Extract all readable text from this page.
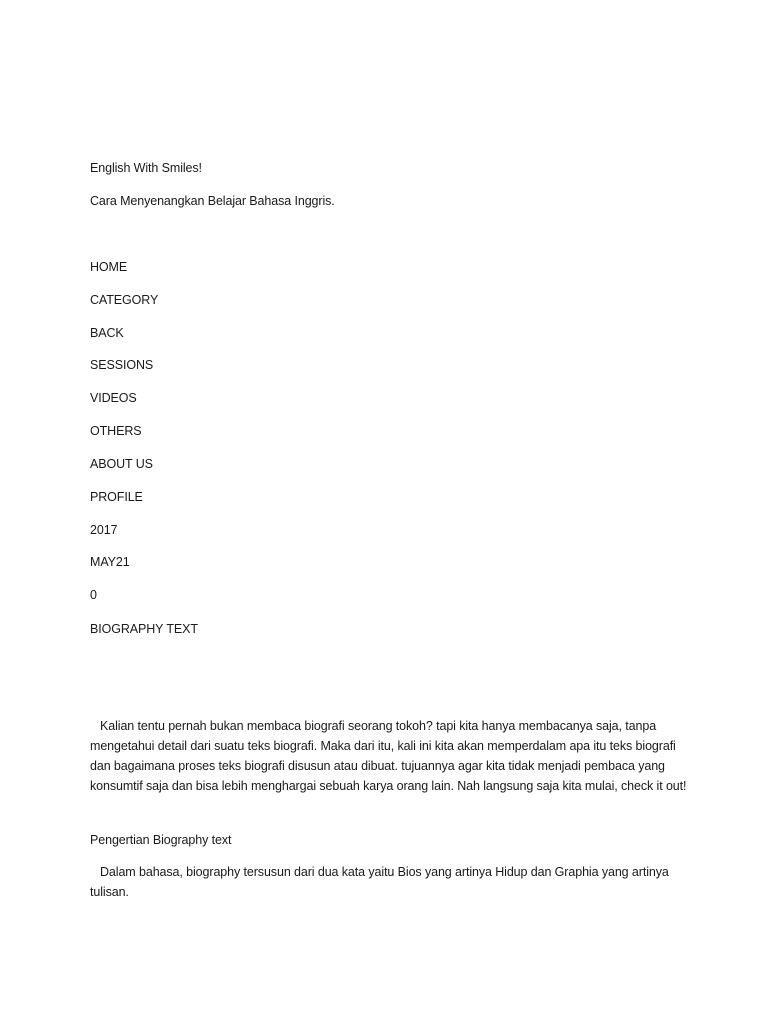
English With Smiles!
Cara Menyenangkan Belajar Bahasa Inggris.
HOME
CATEGORY
BACK
SESSIONS
VIDEOS
OTHERS
ABOUT US
PROFILE
2017
MAY21
0
BIOGRAPHY TEXT
Kalian tentu pernah bukan membaca biografi seorang tokoh? tapi kita hanya membacanya saja, tanpa mengetahui detail dari suatu teks biografi. Maka dari itu, kali ini kita akan memperdalam apa itu teks biografi dan bagaimana proses teks biografi disusun atau dibuat. tujuannya agar kita tidak menjadi pembaca yang konsumtif saja dan bisa lebih menghargai sebuah karya orang lain. Nah langsung saja kita mulai, check it out!
Pengertian Biography text
Dalam bahasa, biography tersusun dari dua kata yaitu Bios yang artinya Hidup dan Graphia yang artinya tulisan.
